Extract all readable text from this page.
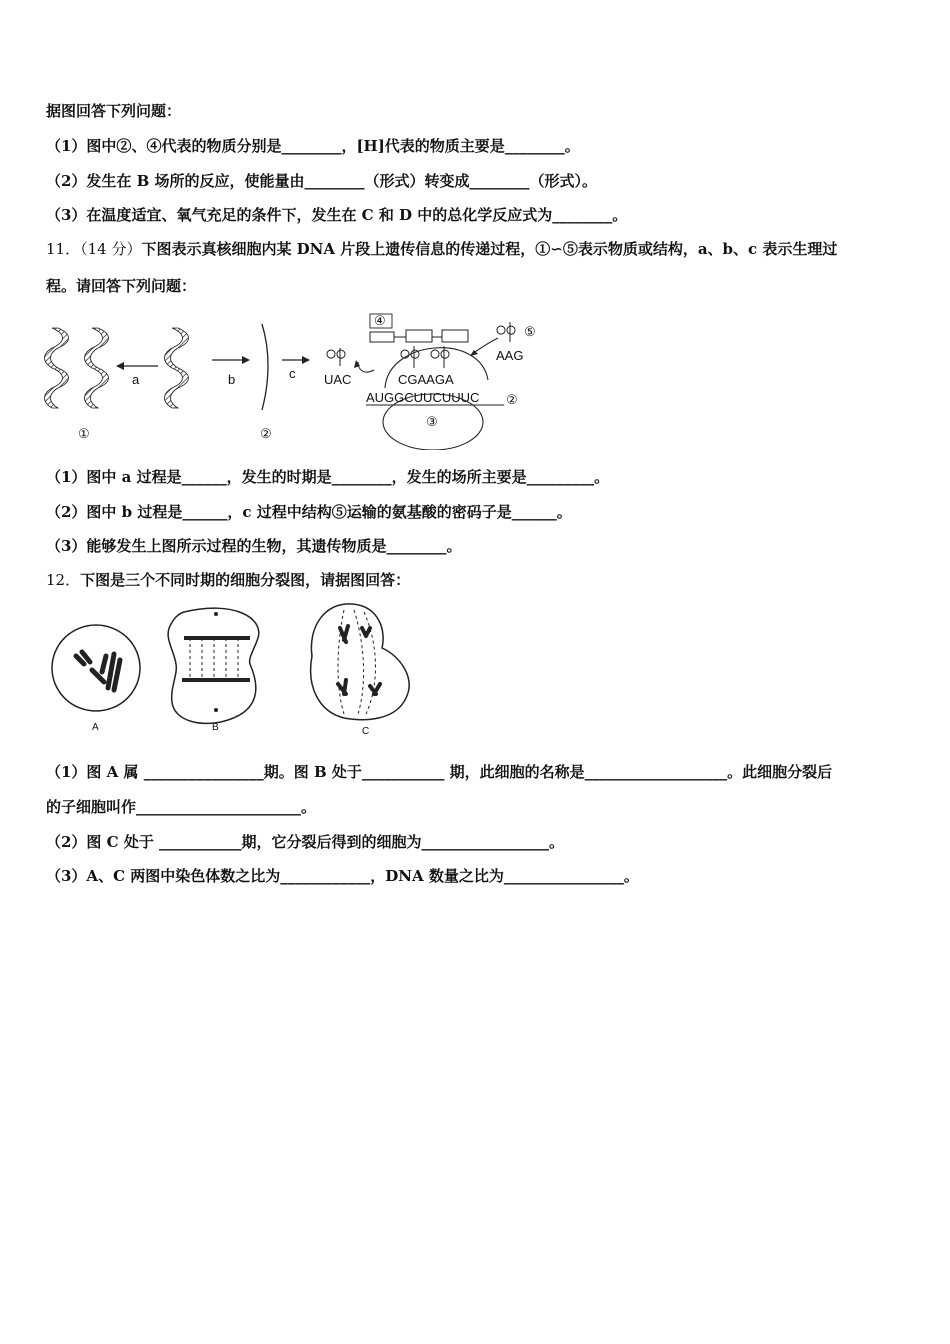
据图回答下列问题：
（1）图中②、④代表的物质分别是________，[H]代表的物质主要是________。
（2）发生在 B 场所的反应，使能量由________（形式）转变成________（形式）。
（3）在温度适宜、氧气充足的条件下，发生在 C 和 D 中的总化学反应式为________。
11．（14 分）下图表示真核细胞内某 DNA 片段上遗传信息的传递过程，①∽⑤表示物质或结构，a、b、c 表示生理过
程。请回答下列问题：
a	b	c
④
⑤
AAG
UAC	CGAAGA
AUGGCUUCUUUC ②
③
①	②
（1）图中 a 过程是______，发生的时期是________，发生的场所主要是_________。
（2）图中 b 过程是______，c 过程中结构⑤运输的氨基酸的密码子是______。
（3）能够发生上图所示过程的生物，其遗传物质是________。
12．下图是三个不同时期的细胞分裂图，请据图回答：
A	B	C
（1）图 A 属 ________________期。图 B 处于___________ 期，此细胞的名称是___________________。此细胞分裂后
的子细胞叫作______________________。
（2）图 C 处于 ___________期，它分裂后得到的细胞为_________________。
（3）A、C 两图中染色体数之比为____________，DNA 数量之比为________________。
